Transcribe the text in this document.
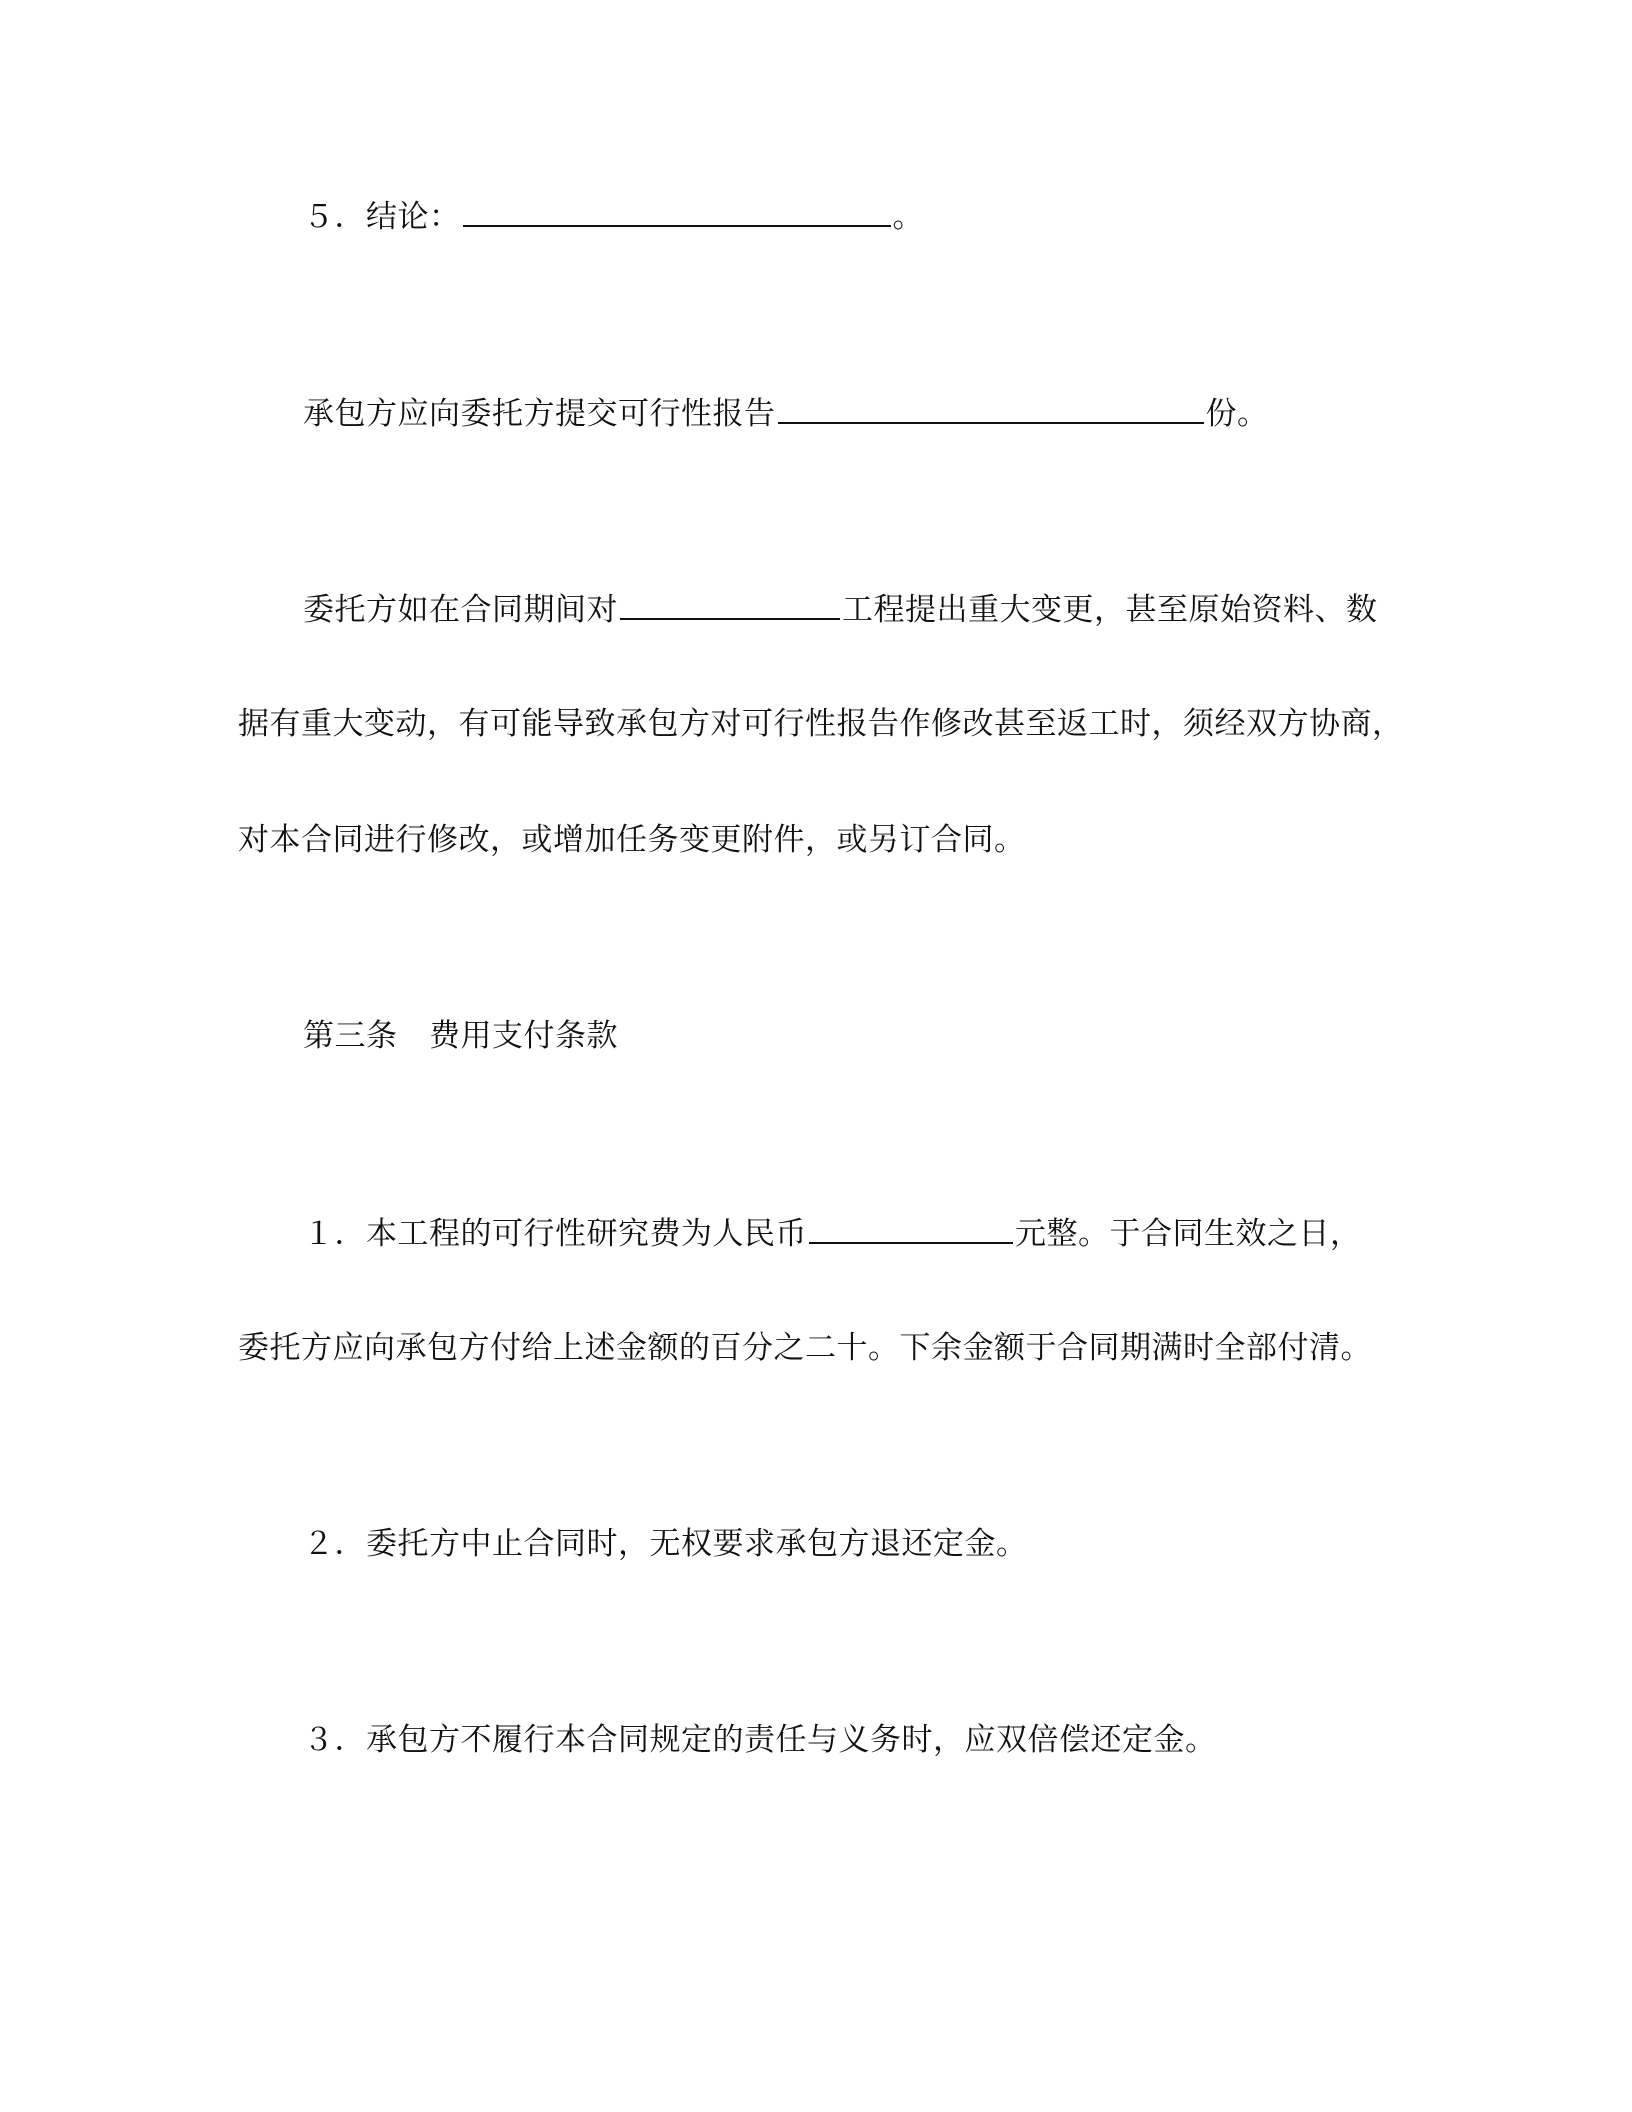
５．结论：	。
承包方应向委托方提交可行性报告	份。
委托方如在合同期间对	工程提出重大变更，甚至原始资料、数
据有重大变动，有可能导致承包方对可行性报告作修改甚至返工时，须经双方协商，
对本合同进行修改，或增加任务变更附件，或另订合同。
第三条　费用支付条款
１．本工程的可行性研究费为人民币	元整。于合同生效之日，
委托方应向承包方付给上述金额的百分之二十。下余金额于合同期满时全部付清。
２．委托方中止合同时，无权要求承包方退还定金。
３．承包方不履行本合同规定的责任与义务时，应双倍偿还定金。
